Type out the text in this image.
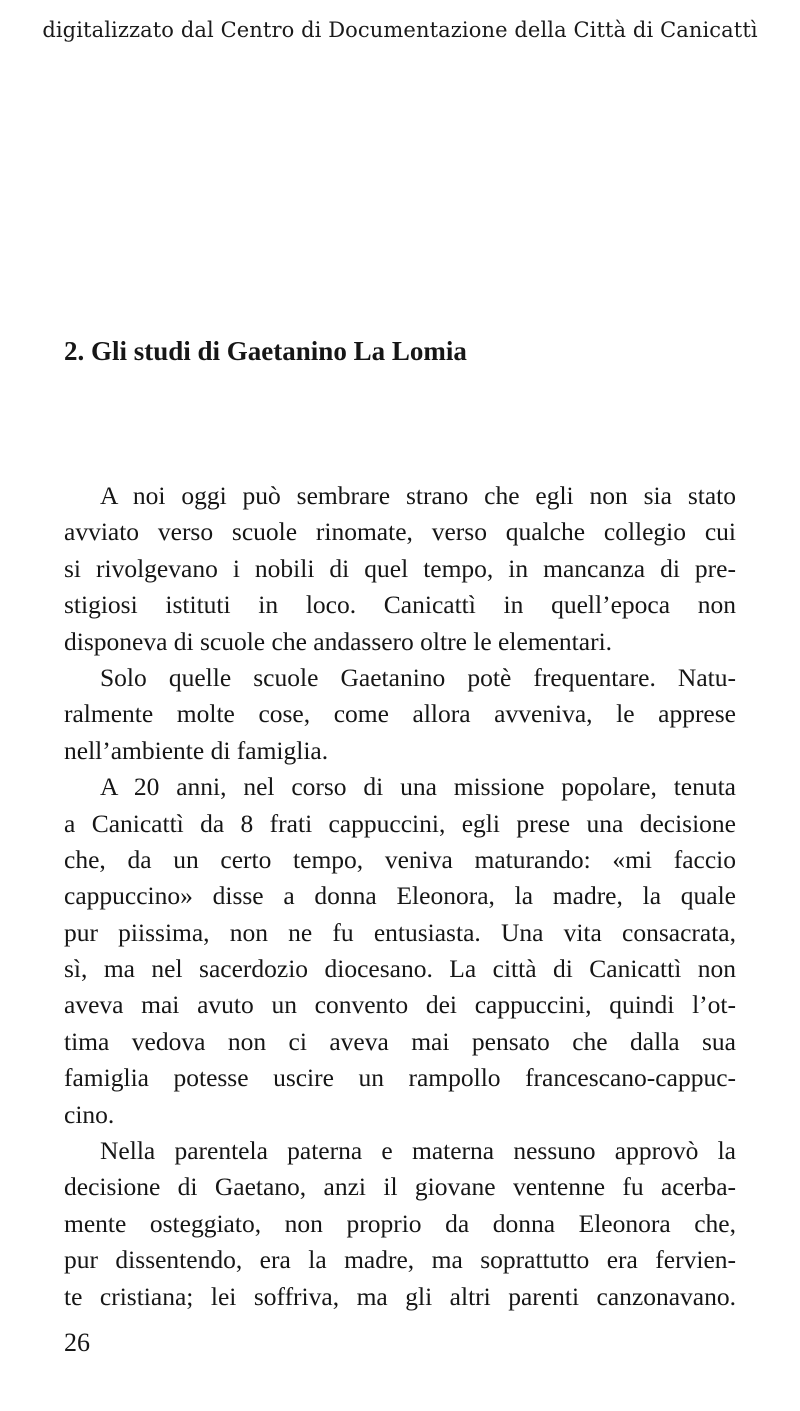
digitalizzato dal Centro di Documentazione della Città di Canicattì
2. Gli studi di Gaetanino La Lomia

A noi oggi può sembrare strano che egli non sia stato
avviato verso scuole rinomate, verso qualche collegio cui
si rivolgevano i nobili di quel tempo, in mancanza di pre-
stigiosi istituti in loco. Canicattì in quell’epoca non
disponeva di scuole che andassero oltre le elementari.

Solo quelle scuole Gaetanino potè frequentare. Natu-
ralmente molte cose, come allora avveniva, le apprese
nell’ambiente di famiglia.

A 20 anni, nel corso di una missione popolare, tenuta
a Canicattì da 8 frati cappuccini, egli prese una decisione
che, da un certo tempo, veniva maturando: «mi faccio
cappuccino» disse a donna Eleonora, la madre, la quale
pur piissima, non ne fu entusiasta. Una vita consacrata,
sì, ma nel sacerdozio diocesano. La città di Canicattì non
aveva mai avuto un convento dei cappuccini, quindi l’ot-
tima vedova non ci aveva mai pensato che dalla sua
famiglia potesse uscire un rampollo francescano-cappuc-
cino.

Nella parentela paterna e materna nessuno approvò la
decisione di Gaetano, anzi il giovane ventenne fu acerba-
mente osteggiato, non proprio da donna Eleonora che,
pur dissentendo, era la madre, ma soprattutto era fervien-
te cristiana; lei soffriva, ma gli altri parenti canzonavano.

26
